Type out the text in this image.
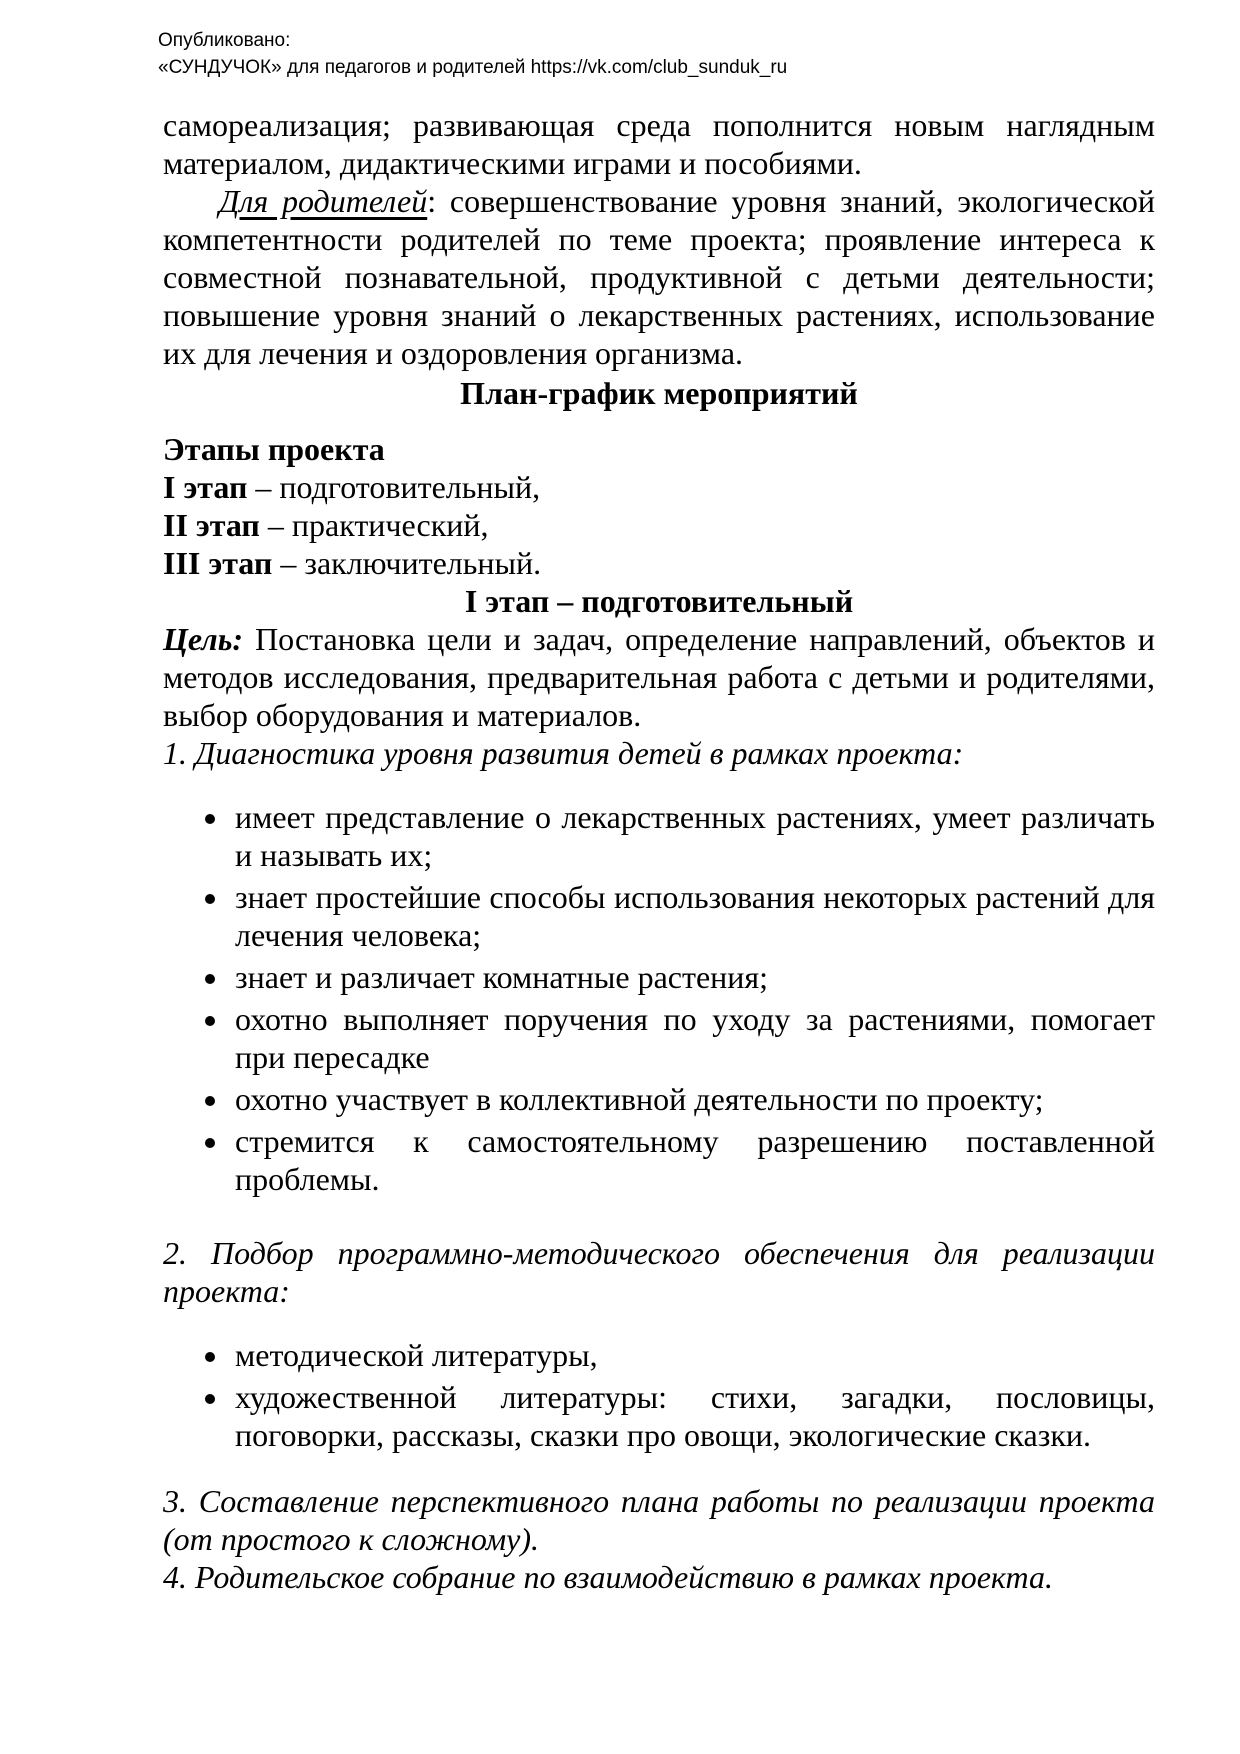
Опубликовано:
«СУНДУЧОК» для педагогов и родителей https://vk.com/club_sunduk_ru

самореализация; развивающая среда пополнится новым наглядным материалом, дидактическими играми и пособиями.

Для родителей: совершенствование уровня знаний, экологической компетентности родителей по теме проекта; проявление интереса к совместной познавательной, продуктивной с детьми деятельности; повышение уровня знаний о лекарственных растениях, использование их для лечения и оздоровления организма.

План-график мероприятий

Этапы проекта

I этап – подготовительный,

II этап – практический,

III этап – заключительный.

I этап – подготовительный

Цель: Постановка цели и задач, определение направлений, объектов и методов исследования, предварительная работа с детьми и родителями, выбор оборудования и материалов.

1. Диагностика уровня развития детей в рамках проекта:

• имеет представление о лекарственных растениях, умеет различать и называть их;
• знает простейшие способы использования некоторых растений для лечения человека;
• знает и различает комнатные растения;
• охотно выполняет поручения по уходу за растениями, помогает при пересадке
• охотно участвует в коллективной деятельности по проекту;
• стремится к самостоятельному разрешению поставленной проблемы.

2. Подбор программно-методического обеспечения для реализации проекта:

• методической литературы,
• художественной литературы: стихи, загадки, пословицы, поговорки, рассказы, сказки про овощи, экологические сказки.

3. Составление перспективного плана работы по реализации проекта (от простого к сложному).

4. Родительское собрание по взаимодействию в рамках проекта.
